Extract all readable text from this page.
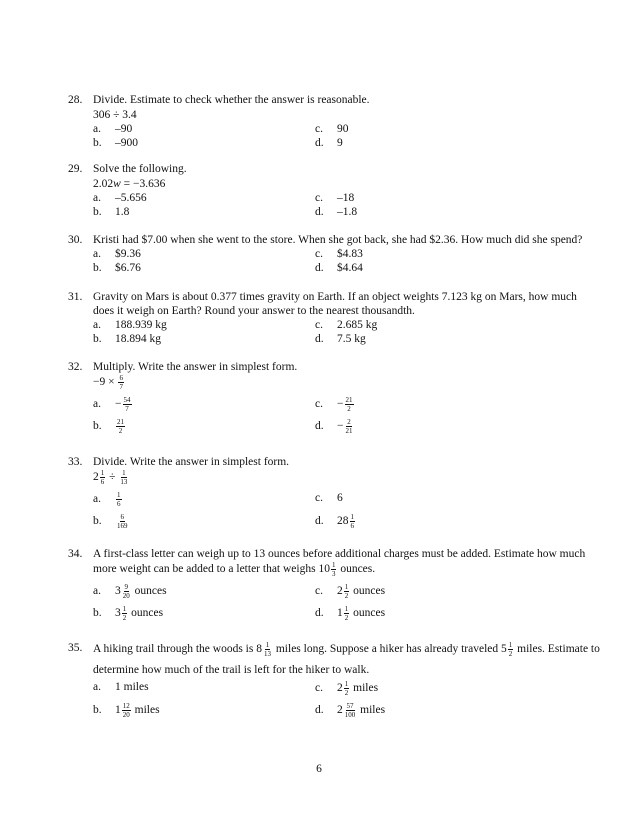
28. Divide. Estimate to check whether the answer is reasonable.
306 ÷ 3.4
a. –90	c. 90
b. –900	d. 9
29. Solve the following.
2.02w = −3.636
a. –5.656	c. –18
b. 1.8	d. –1.8
30. Kristi had $7.00 when she went to the store. When she got back, she had $2.36. How much did she spend?
a. $9.36	c. $4.83
b. $6.76	d. $4.64
31. Gravity on Mars is about 0.377 times gravity on Earth. If an object weights 7.123 kg on Mars, how much does it weigh on Earth? Round your answer to the nearest thousandth.
a. 188.939 kg	c. 2.685 kg
b. 18.894 kg	d. 7.5 kg
32. Multiply. Write the answer in simplest form.
$-9 \times \frac{6}{7}$
a. − $\frac{54}{7}$	c. − $\frac{21}{2}$
b. $\frac{21}{2}$	d. − $\frac{2}{21}$
33. Divide. Write the answer in simplest form.
$2 \frac{1}{6} \div \frac{1}{13}$
a. $\frac{1}{6}$	c. 6
b. $\frac{6}{169}$	d. $28 \frac{1}{6}$
34. A first-class letter can weigh up to 13 ounces before additional charges must be added. Estimate how much
more weight can be added to a letter that weighs $10 \frac{1}{3}$ ounces.
a. $3 \frac{9}{20}$ ounces	c. $2 \frac{1}{2}$ ounces
b. $3 \frac{1}{2}$ ounces	d. $1 \frac{1}{2}$ ounces
35. A hiking trail through the woods is $8 \frac{1}{13}$ miles long. Suppose a hiker has already traveled $5 \frac{1}{2}$ miles. Estimate to
determine how much of the trail is left for the hiker to walk.
a. 1 miles	c. $2 \frac{1}{2}$ miles
b. $1 \frac{12}{20}$ miles	d. $2 \frac{57}{100}$ miles
6
